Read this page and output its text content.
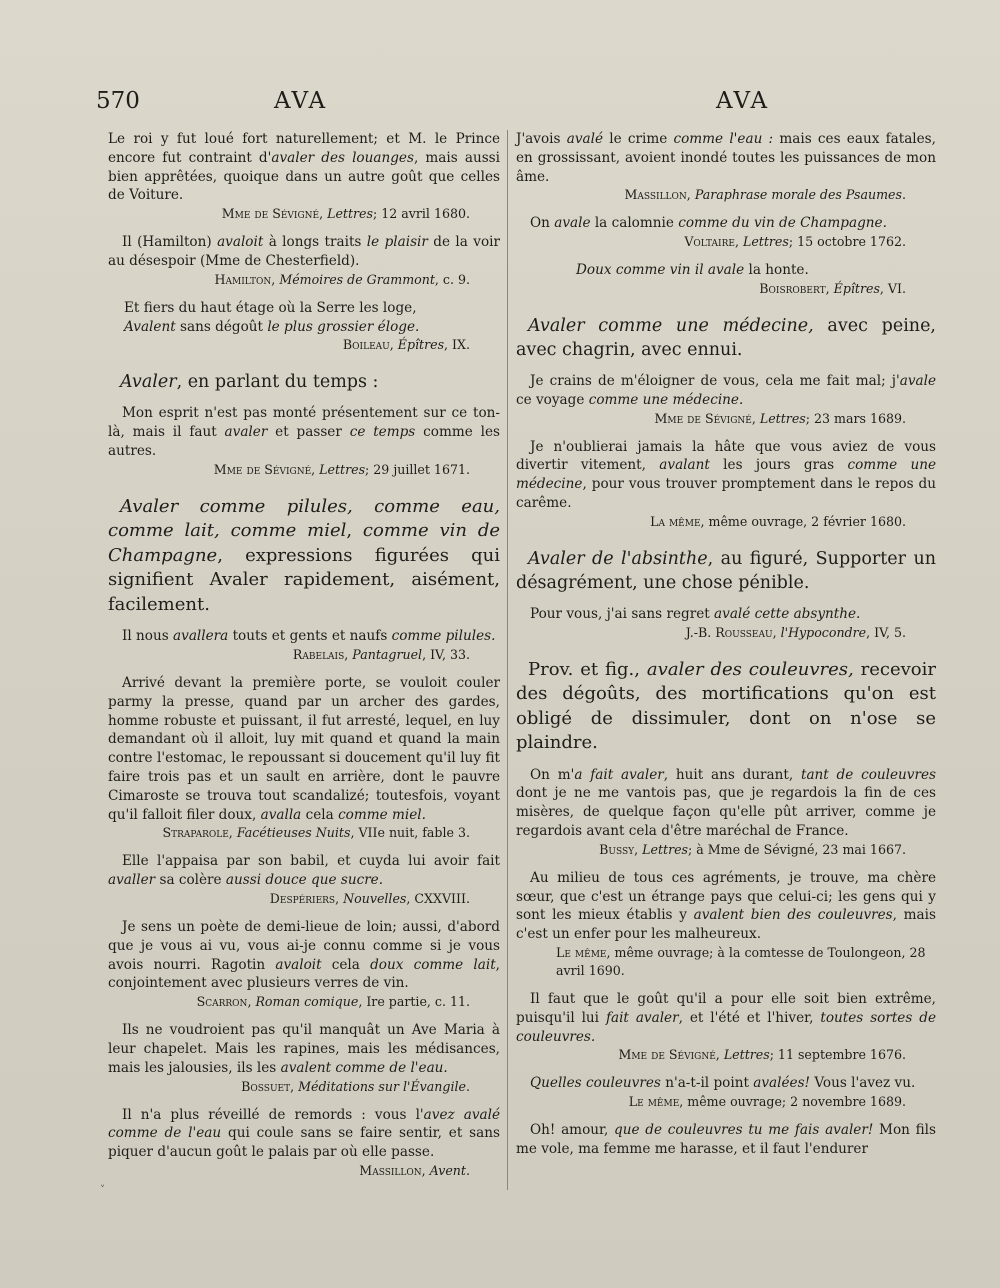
570	AVA	AVA

Le roi y fut loué fort naturellement; et M. le Prince encore fut contraint d'avaler des louanges, mais aussi bien apprêtées, quoique dans un autre goût que celles de Voiture.

Mme de Sévigné, Lettres; 12 avril 1680.

Il (Hamilton) avaloit à longs traits le plaisir de la voir au désespoir (Mme de Chesterfield).

Hamilton, Mémoires de Grammont, c. 9.

Et fiers du haut étage où la Serre les loge,

Avalent sans dégoût le plus grossier éloge.

Boileau, Épîtres, IX.

Avaler, en parlant du temps :

Mon esprit n'est pas monté présentement sur ce ton-là, mais il faut avaler et passer ce temps comme les autres.

Mme de Sévigné, Lettres; 29 juillet 1671.

Avaler comme pilules, comme eau, comme lait, comme miel, comme vin de Champagne, expressions figurées qui signifient Avaler rapidement, aisément, facilement.

Il nous avallera touts et gents et naufs comme pilules.

Rabelais, Pantagruel, IV, 33.

Arrivé devant la première porte, se vouloit couler parmy la presse, quand par un archer des gardes, homme robuste et puissant, il fut arresté, lequel, en luy demandant où il alloit, luy mit quand et quand la main contre l'estomac, le repoussant si doucement qu'il luy fit faire trois pas et un sault en arrière, dont le pauvre Cimaroste se trouva tout scandalizé; toutesfois, voyant qu'il falloit filer doux, avalla cela comme miel.

Straparole, Facétieuses Nuits, VIIe nuit, fable 3.

Elle l'appaisa par son babil, et cuyda lui avoir fait avaller sa colère aussi douce que sucre.

Despériers, Nouvelles, CXXVIII.

Je sens un poète de demi-lieue de loin; aussi, d'abord que je vous ai vu, vous ai-je connu comme si je vous avois nourri. Ragotin avaloit cela doux comme lait, conjointement avec plusieurs verres de vin.

Scarron, Roman comique, Ire partie, c. 11.

Ils ne voudroient pas qu'il manquât un Ave Maria à leur chapelet. Mais les rapines, mais les médisances, mais les jalousies, ils les avalent comme de l'eau.

Bossuet, Méditations sur l'Évangile.

Il n'a plus réveillé de remords : vous l'avez avalé comme de l'eau qui coule sans se faire sentir, et sans piquer d'aucun goût le palais par où elle passe.

Massillon, Avent.

J'avois avalé le crime comme l'eau : mais ces eaux fatales, en grossissant, avoient inondé toutes les puissances de mon âme.

Massillon, Paraphrase morale des Psaumes.

On avale la calomnie comme du vin de Champagne.

Voltaire, Lettres; 15 octobre 1762.

Doux comme vin il avale la honte.

Boisrobert, Épîtres, VI.

Avaler comme une médecine, avec peine, avec chagrin, avec ennui.

Je crains de m'éloigner de vous, cela me fait mal; j'avale ce voyage comme une médecine.

Mme de Sévigné, Lettres; 23 mars 1689.

Je n'oublierai jamais la hâte que vous aviez de vous divertir vitement, avalant les jours gras comme une médecine, pour vous trouver promptement dans le repos du carême.

La même, même ouvrage, 2 février 1680.

Avaler de l'absinthe, au figuré, Supporter un désagrément, une chose pénible.

Pour vous, j'ai sans regret avalé cette absynthe.

J.-B. Rousseau, l'Hypocondre, IV, 5.

Prov. et fig., avaler des couleuvres, recevoir des dégoûts, des mortifications qu'on est obligé de dissimuler, dont on n'ose se plaindre.

On m'a fait avaler, huit ans durant, tant de couleuvres dont je ne me vantois pas, que je regardois la fin de ces misères, de quelque façon qu'elle pût arriver, comme je regardois avant cela d'être maréchal de France.

Bussy, Lettres; à Mme de Sévigné, 23 mai 1667.

Au milieu de tous ces agréments, je trouve, ma chère sœur, que c'est un étrange pays que celui-ci; les gens qui y sont les mieux établis y avalent bien des couleuvres, mais c'est un enfer pour les malheureux.

Le même, même ouvrage; à la comtesse de Toulongeon, 28 avril 1690.

Il faut que le goût qu'il a pour elle soit bien extrême, puisqu'il lui fait avaler, et l'été et l'hiver, toutes sortes de couleuvres.

Mme de Sévigné, Lettres; 11 septembre 1676.

Quelles couleuvres n'a-t-il point avalées! Vous l'avez vu.

Le même, même ouvrage; 2 novembre 1689.

Oh! amour, que de couleuvres tu me fais avaler! Mon fils me vole, ma femme me harasse, et il faut l'endurer

˅
